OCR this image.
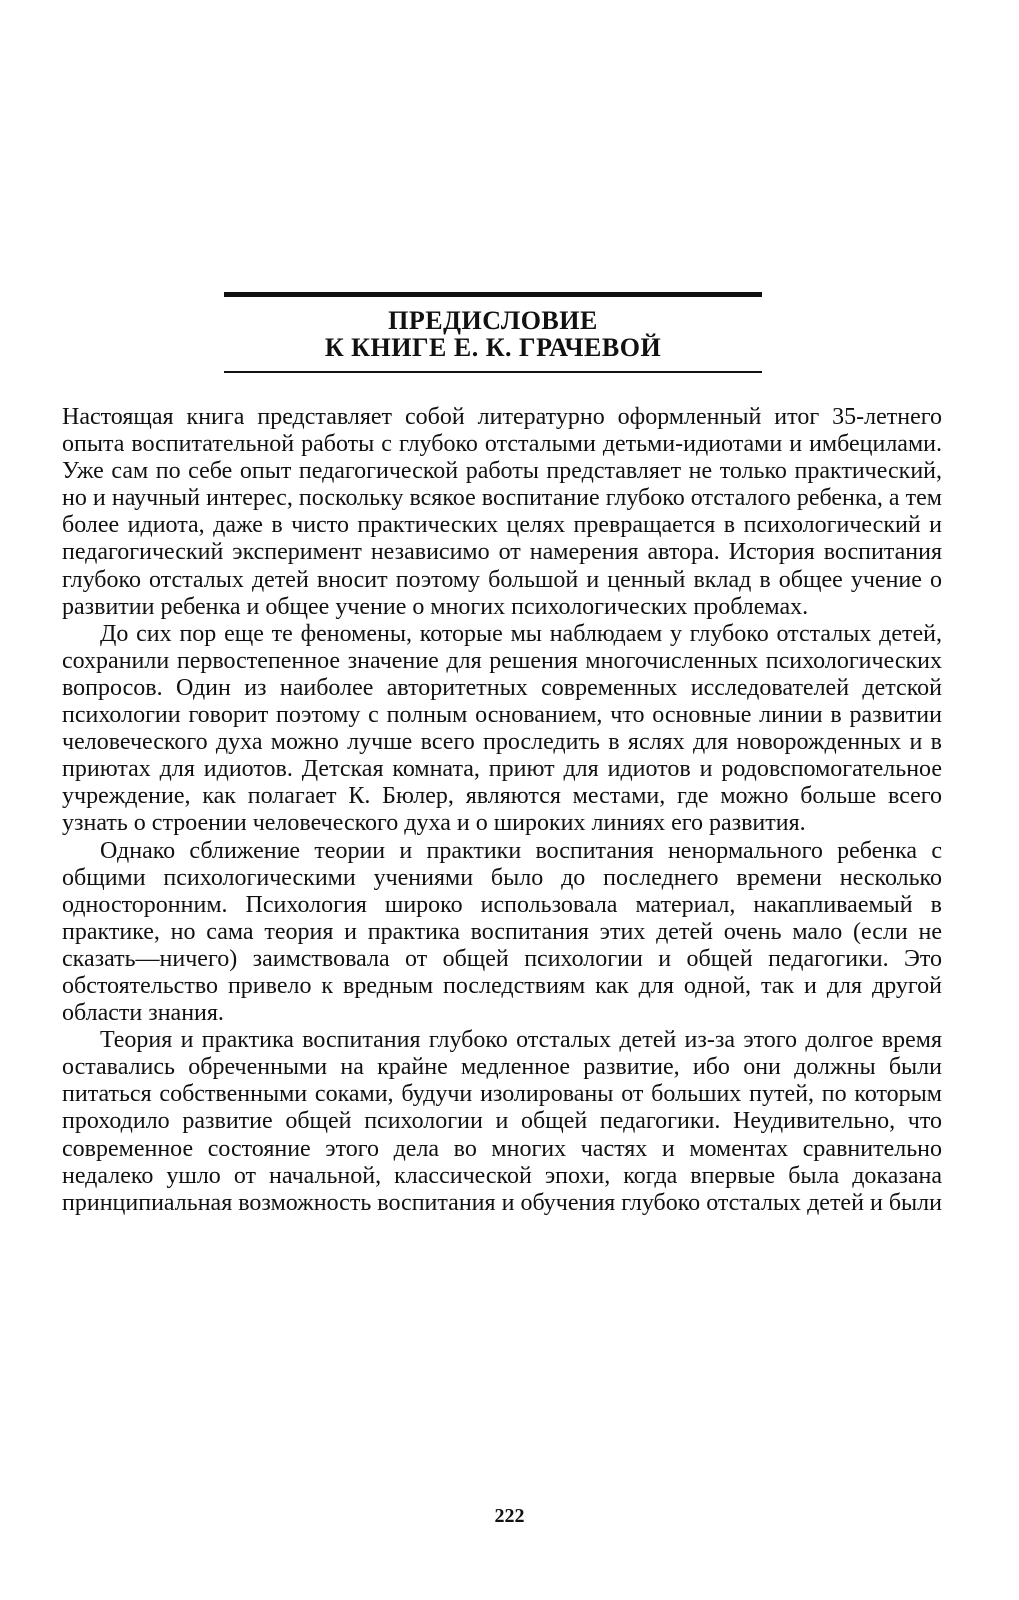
ПРЕДИСЛОВИЕ
К КНИГЕ Е. К. ГРАЧЕВОЙ

Настоящая книга представляет собой литературно оформленный итог 35-летнего опыта воспитательной работы с глубоко отсталыми детьми-идиотами и имбецилами. Уже сам по себе опыт педагогической работы представляет не только практический, но и научный интерес, поскольку всякое воспитание глубоко отсталого ребенка, а тем более идиота, даже в чисто практических целях превращается в психологический и педагогический эксперимент независимо от намерения автора. История воспитания глубоко отсталых детей вносит поэтому большой и ценный вклад в общее учение о развитии ребенка и общее учение о многих психологических проблемах.

До сих пор еще те феномены, которые мы наблюдаем у глубоко отсталых детей, сохранили первостепенное значение для решения многочисленных психологических вопросов. Один из наиболее авторитетных современных исследователей детской психологии говорит поэтому с полным основанием, что основные линии в развитии человеческого духа можно лучше всего проследить в яслях для новорожденных и в приютах для идиотов. Детская комната, приют для идиотов и родовспомогательное учреждение, как полагает К. Бюлер, являются местами, где можно больше всего узнать о строении человеческого духа и о широких линиях его развития.

Однако сближение теории и практики воспитания ненормального ребенка с общими психологическими учениями было до последнего времени несколько односторонним. Психология широко использовала материал, накапливаемый в практике, но сама теория и практика воспитания этих детей очень мало (если не сказать—ничего) заимствовала от общей психологии и общей педагогики. Это обстоятельство привело к вредным последствиям как для одной, так и для другой области знания.

Теория и практика воспитания глубоко отсталых детей из-за этого долгое время оставались обреченными на крайне медленное развитие, ибо они должны были питаться собственными соками, будучи изолированы от больших путей, по которым проходило развитие общей психологии и общей педагогики. Неудивительно, что современное состояние этого дела во многих частях и моментах сравнительно недалеко ушло от начальной, классической эпохи, когда впервые была доказана принципиальная возможность воспитания и обучения глубоко отсталых детей и были

222
